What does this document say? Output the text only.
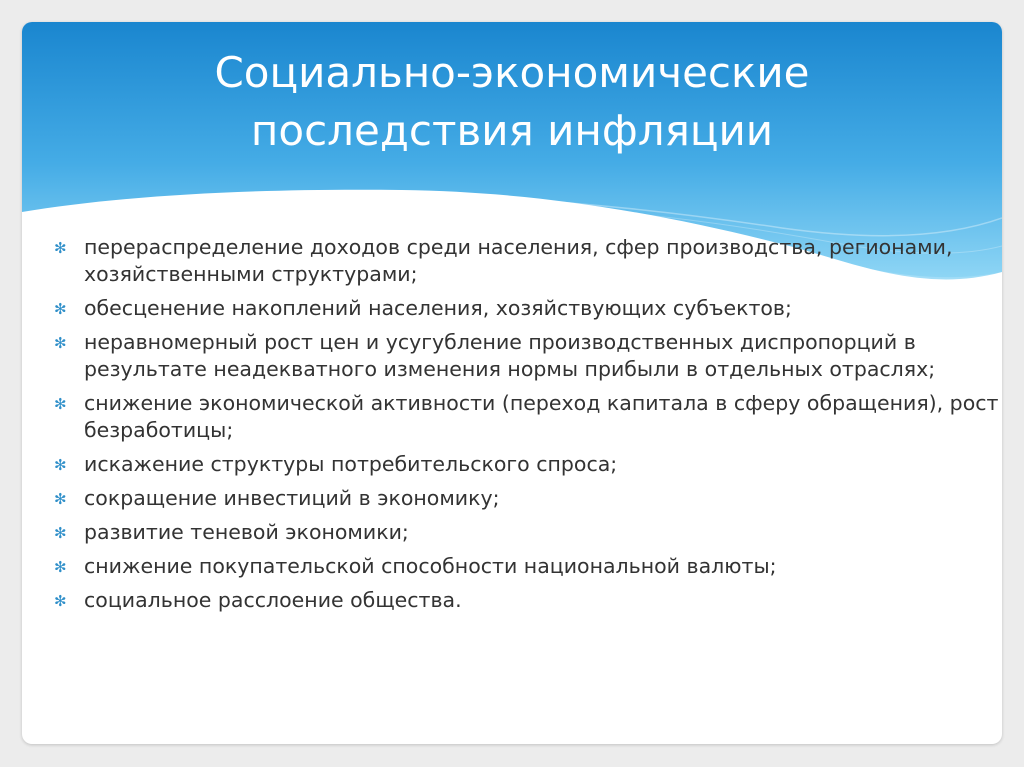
Социально-экономические
последствия инфляции
✻ перераспределение доходов среди населения, сфер производства, регионами, хозяйственными структурами;
✻ обесценение накоплений населения, хозяйствующих субъектов;
✻ неравномерный рост цен и усугубление производственных диспропорций в результате неадекватного изменения нормы прибыли в отдельных отраслях;
✻ снижение экономической активности (переход капитала в сферу обращения), рост безработицы;
✻ искажение структуры потребительского спроса;
✻ сокращение инвестиций в экономику;
✻ развитие теневой экономики;
✻ снижение покупательской способности национальной валюты;
✻ социальное расслоение общества.
